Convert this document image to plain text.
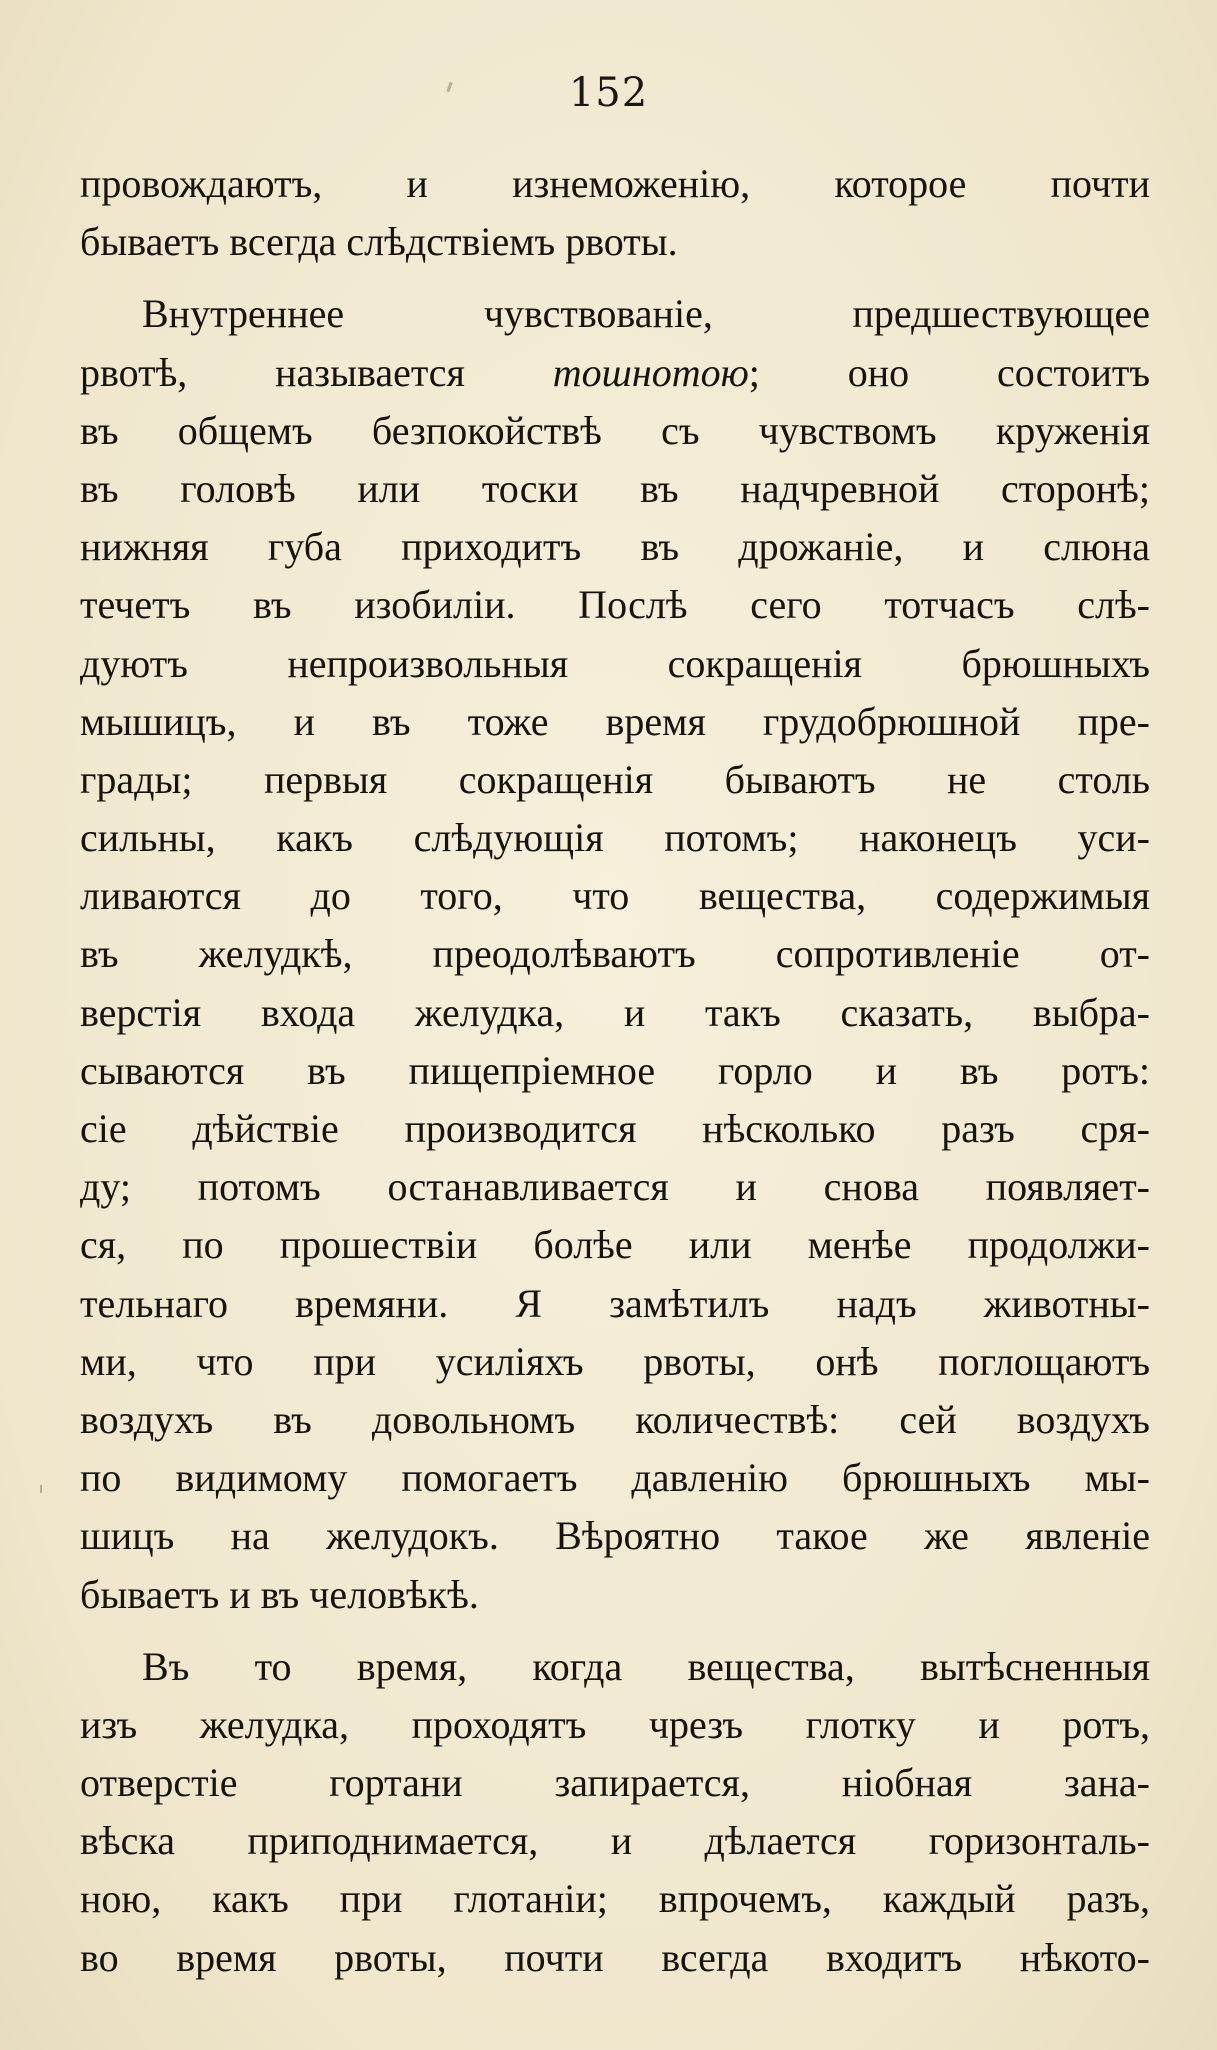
152
провождаютъ, и изнеможенію, которое почти
бываетъ всегда слѣдствіемъ рвоты.
Внутреннее чувствованіе, предшествующее
рвотѣ, называется тошнотою; оно состоитъ
въ общемъ безпокойствѣ съ чувствомъ круженія
въ головѣ или тоски въ надчревной сторонѣ;
нижняя губа приходитъ въ дрожаніе, и слюна
течетъ въ изобиліи. Послѣ сего тотчасъ слѣ-
дуютъ непроизвольныя сокращенія брюшныхъ
мышицъ, и въ тоже время грудобрюшной пре-
грады; первыя сокращенія бываютъ не столь
сильны, какъ слѣдующія потомъ; наконецъ уси-
ливаются до того, что вещества, содержимыя
въ желудкѣ, преодолѣваютъ сопротивленіе от-
верстія входа желудка, и такъ сказать, выбра-
сываются въ пищепріемное горло и въ ротъ:
сіе дѣйствіе производится нѣсколько разъ сря-
ду; потомъ останавливается и снова появляет-
ся, по прошествіи болѣе или менѣе продолжи-
тельнаго времяни. Я замѣтилъ надъ животны-
ми, что при усиліяхъ рвоты, онѣ поглощаютъ
воздухъ въ довольномъ количествѣ: сей воздухъ
по видимому помогаетъ давленію брюшныхъ мы-
шицъ на желудокъ. Вѣроятно такое же явленіе
бываетъ и въ человѣкѣ.
Въ то время, когда вещества, вытѣсненныя
изъ желудка, проходятъ чрезъ глотку и ротъ,
отверстіе гортани запирается, ніобная зана-
вѣска приподнимается, и дѣлается горизонталь-
ною, какъ при глотаніи; впрочемъ, каждый разъ,
во время рвоты, почти всегда входитъ нѣкото-
